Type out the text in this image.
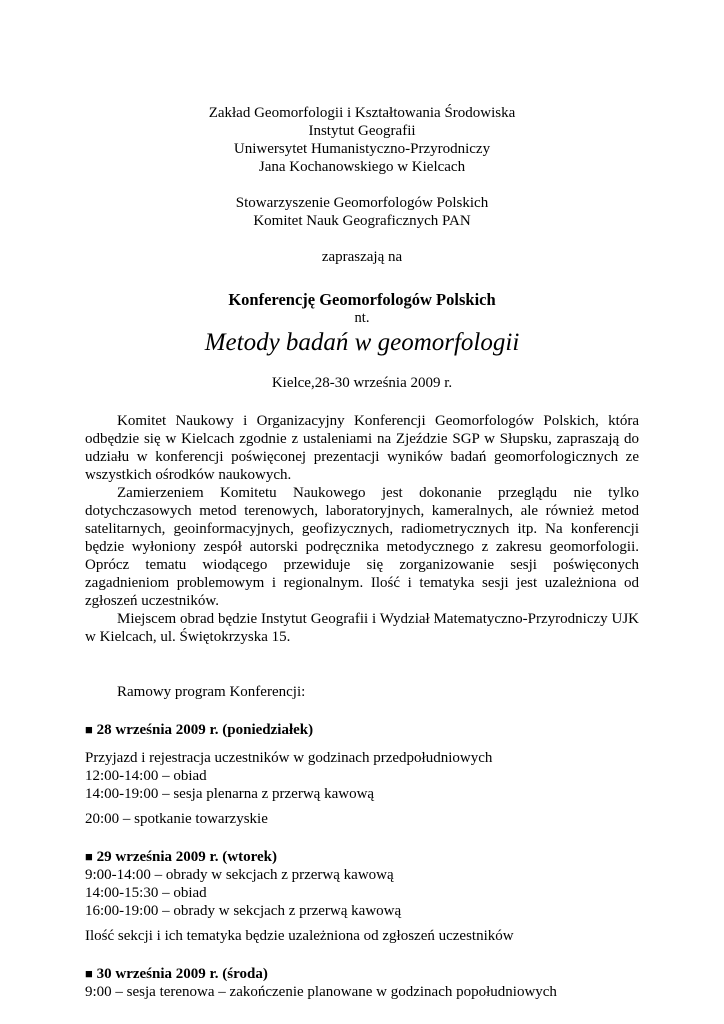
Zakład Geomorfologii i Kształtowania Środowiska
Instytut Geografii
Uniwersytet Humanistyczno-Przyrodniczy
Jana Kochanowskiego w Kielcach
Stowarzyszenie Geomorfologów Polskich
Komitet Nauk Geograficznych PAN
zapraszają na
Konferencję Geomorfologów Polskich
nt.
Metody badań w geomorfologii
Kielce,28-30 września 2009 r.

Komitet Naukowy i Organizacyjny Konferencji Geomorfologów Polskich, która odbędzie się w Kielcach zgodnie z ustaleniami na Zjeździe SGP w Słupsku, zapraszają do udziału w konferencji poświęconej prezentacji wyników badań geomorfologicznych ze wszystkich ośrodków naukowych.

Zamierzeniem Komitetu Naukowego jest dokonanie przeglądu nie tylko dotychczasowych metod terenowych, laboratoryjnych, kameralnych, ale również metod satelitarnych, geoinformacyjnych, geofizycznych, radiometrycznych itp. Na konferencji będzie wyłoniony zespół autorski podręcznika metodycznego z zakresu geomorfologii. Oprócz tematu wiodącego przewiduje się zorganizowanie sesji poświęconych zagadnieniom problemowym i regionalnym. Ilość i tematyka sesji jest uzależniona od zgłoszeń uczestników.

Miejscem obrad będzie Instytut Geografii i Wydział Matematyczno-Przyrodniczy UJK w Kielcach, ul. Świętokrzyska 15.

Ramowy program Konferencji:
■ 28 września 2009 r. (poniedziałek)
Przyjazd i rejestracja uczestników w godzinach przedpołudniowych
12:00-14:00 – obiad
14:00-19:00 – sesja plenarna z przerwą kawową
20:00 – spotkanie towarzyskie
■ 29 września 2009 r. (wtorek)
9:00-14:00 – obrady w sekcjach z przerwą kawową
14:00-15:30 – obiad
16:00-19:00 – obrady w sekcjach z przerwą kawową
Ilość sekcji i ich tematyka będzie uzależniona od zgłoszeń uczestników
■ 30 września 2009 r. (środa)
9:00 – sesja terenowa – zakończenie planowane w godzinach popołudniowych
